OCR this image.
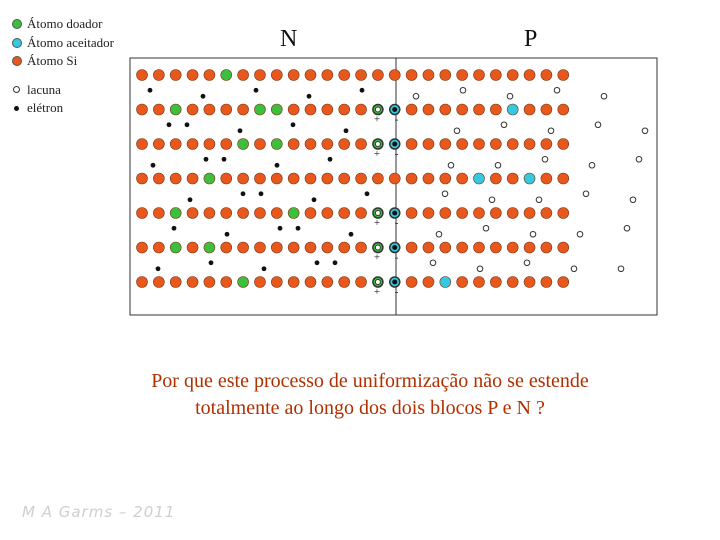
+ -
+ -
+ -
+ -
+ -
Átomo doador
Átomo aceitador
Átomo Si
lacuna
elétron
N	P
Por que este processo de uniformização não se estende
totalmente ao longo dos dois blocos P e N ?
M A Garms – 2011
